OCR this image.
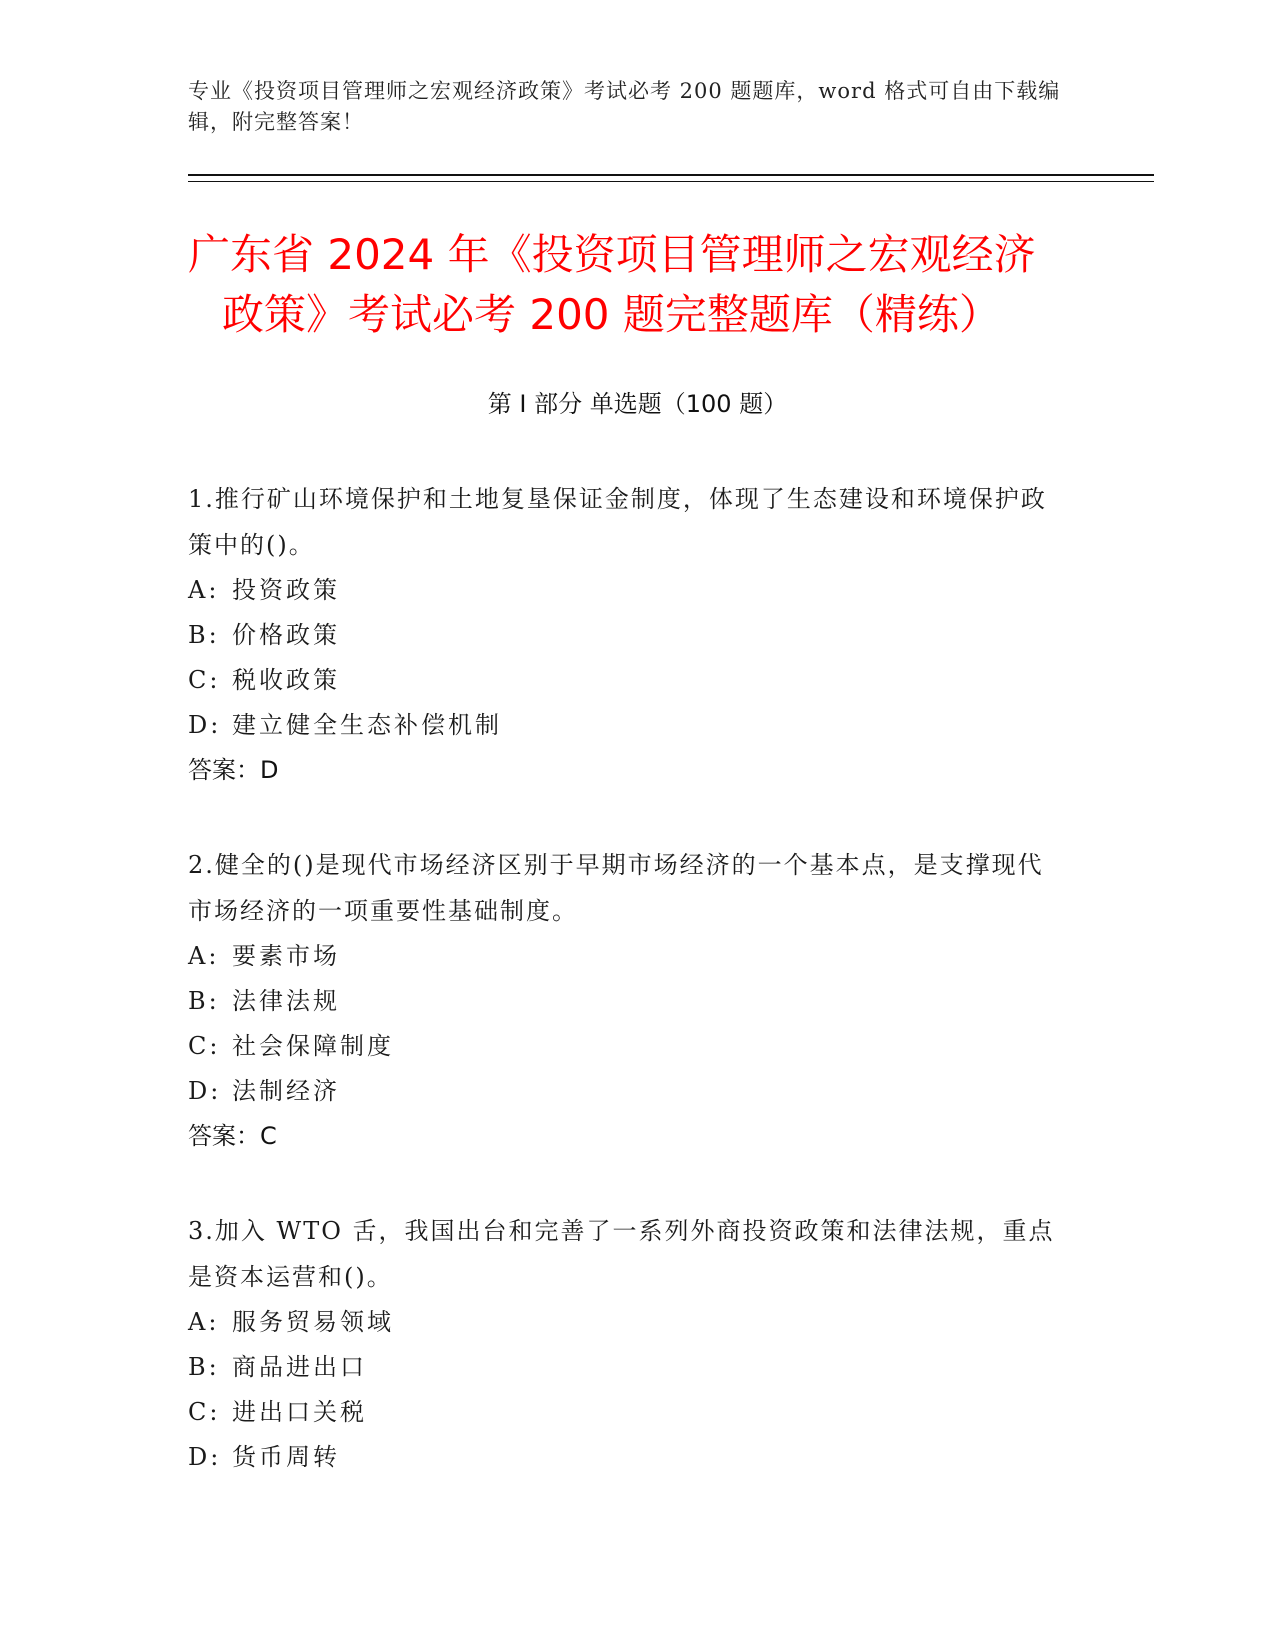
专业《投资项目管理师之宏观经济政策》考试必考 200 题题库，word 格式可自由下载编辑，附完整答案！
广东省 2024 年《投资项目管理师之宏观经济
政策》考试必考 200 题完整题库（精练）
第 I 部分 单选题（100 题）
1.推行矿山环境保护和土地复垦保证金制度，体现了生态建设和环境保护政策中的()。
A: 投资政策
B: 价格政策
C: 税收政策
D: 建立健全生态补偿机制
答案：D
2.健全的()是现代市场经济区别于早期市场经济的一个基本点，是支撑现代市场经济的一项重要性基础制度。
A: 要素市场
B: 法律法规
C: 社会保障制度
D: 法制经济
答案：C
3.加入 WTO 舌，我国出台和完善了一系列外商投资政策和法律法规，重点是资本运营和()。
A: 服务贸易领域
B: 商品进出口
C: 进出口关税
D: 货币周转
